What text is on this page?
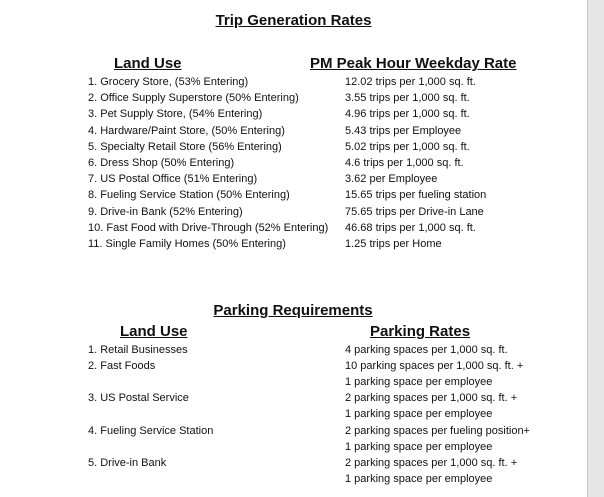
Trip Generation Rates
Land Use	PM Peak Hour Weekday Rate
1. Grocery Store, (53% Entering)	12.02 trips per 1,000 sq. ft.
2. Office Supply Superstore (50% Entering)	3.55 trips per 1,000 sq. ft.
3. Pet Supply Store, (54% Entering)	4.96 trips per 1,000 sq. ft.
4. Hardware/Paint Store, (50% Entering)	5.43 trips per Employee
5. Specialty Retail Store (56% Entering)	5.02 trips per 1,000 sq. ft.
6. Dress Shop (50% Entering)	4.6 trips per 1,000 sq. ft.
7. US Postal Office (51% Entering)	3.62 per Employee
8. Fueling Service Station (50% Entering)	15.65 trips per fueling station
9. Drive-in Bank (52% Entering)	75.65 trips per Drive-in Lane
10. Fast Food with Drive-Through (52% Entering) 46.68 trips per 1,000 sq. ft.
11. Single Family Homes (50% Entering)	1.25 trips per Home
Parking Requirements
Land Use	Parking Rates
1. Retail Businesses	4 parking spaces per 1,000 sq. ft.
2. Fast Foods	10 parking spaces per 1,000 sq. ft. +
1 parking space per employee
3. US Postal Service	2 parking spaces per 1,000 sq. ft. +
1 parking space per employee
4. Fueling Service Station	2 parking spaces per fueling position+
1 parking space per employee
5. Drive-in Bank	2 parking spaces per 1,000 sq. ft. +
1 parking space per employee
